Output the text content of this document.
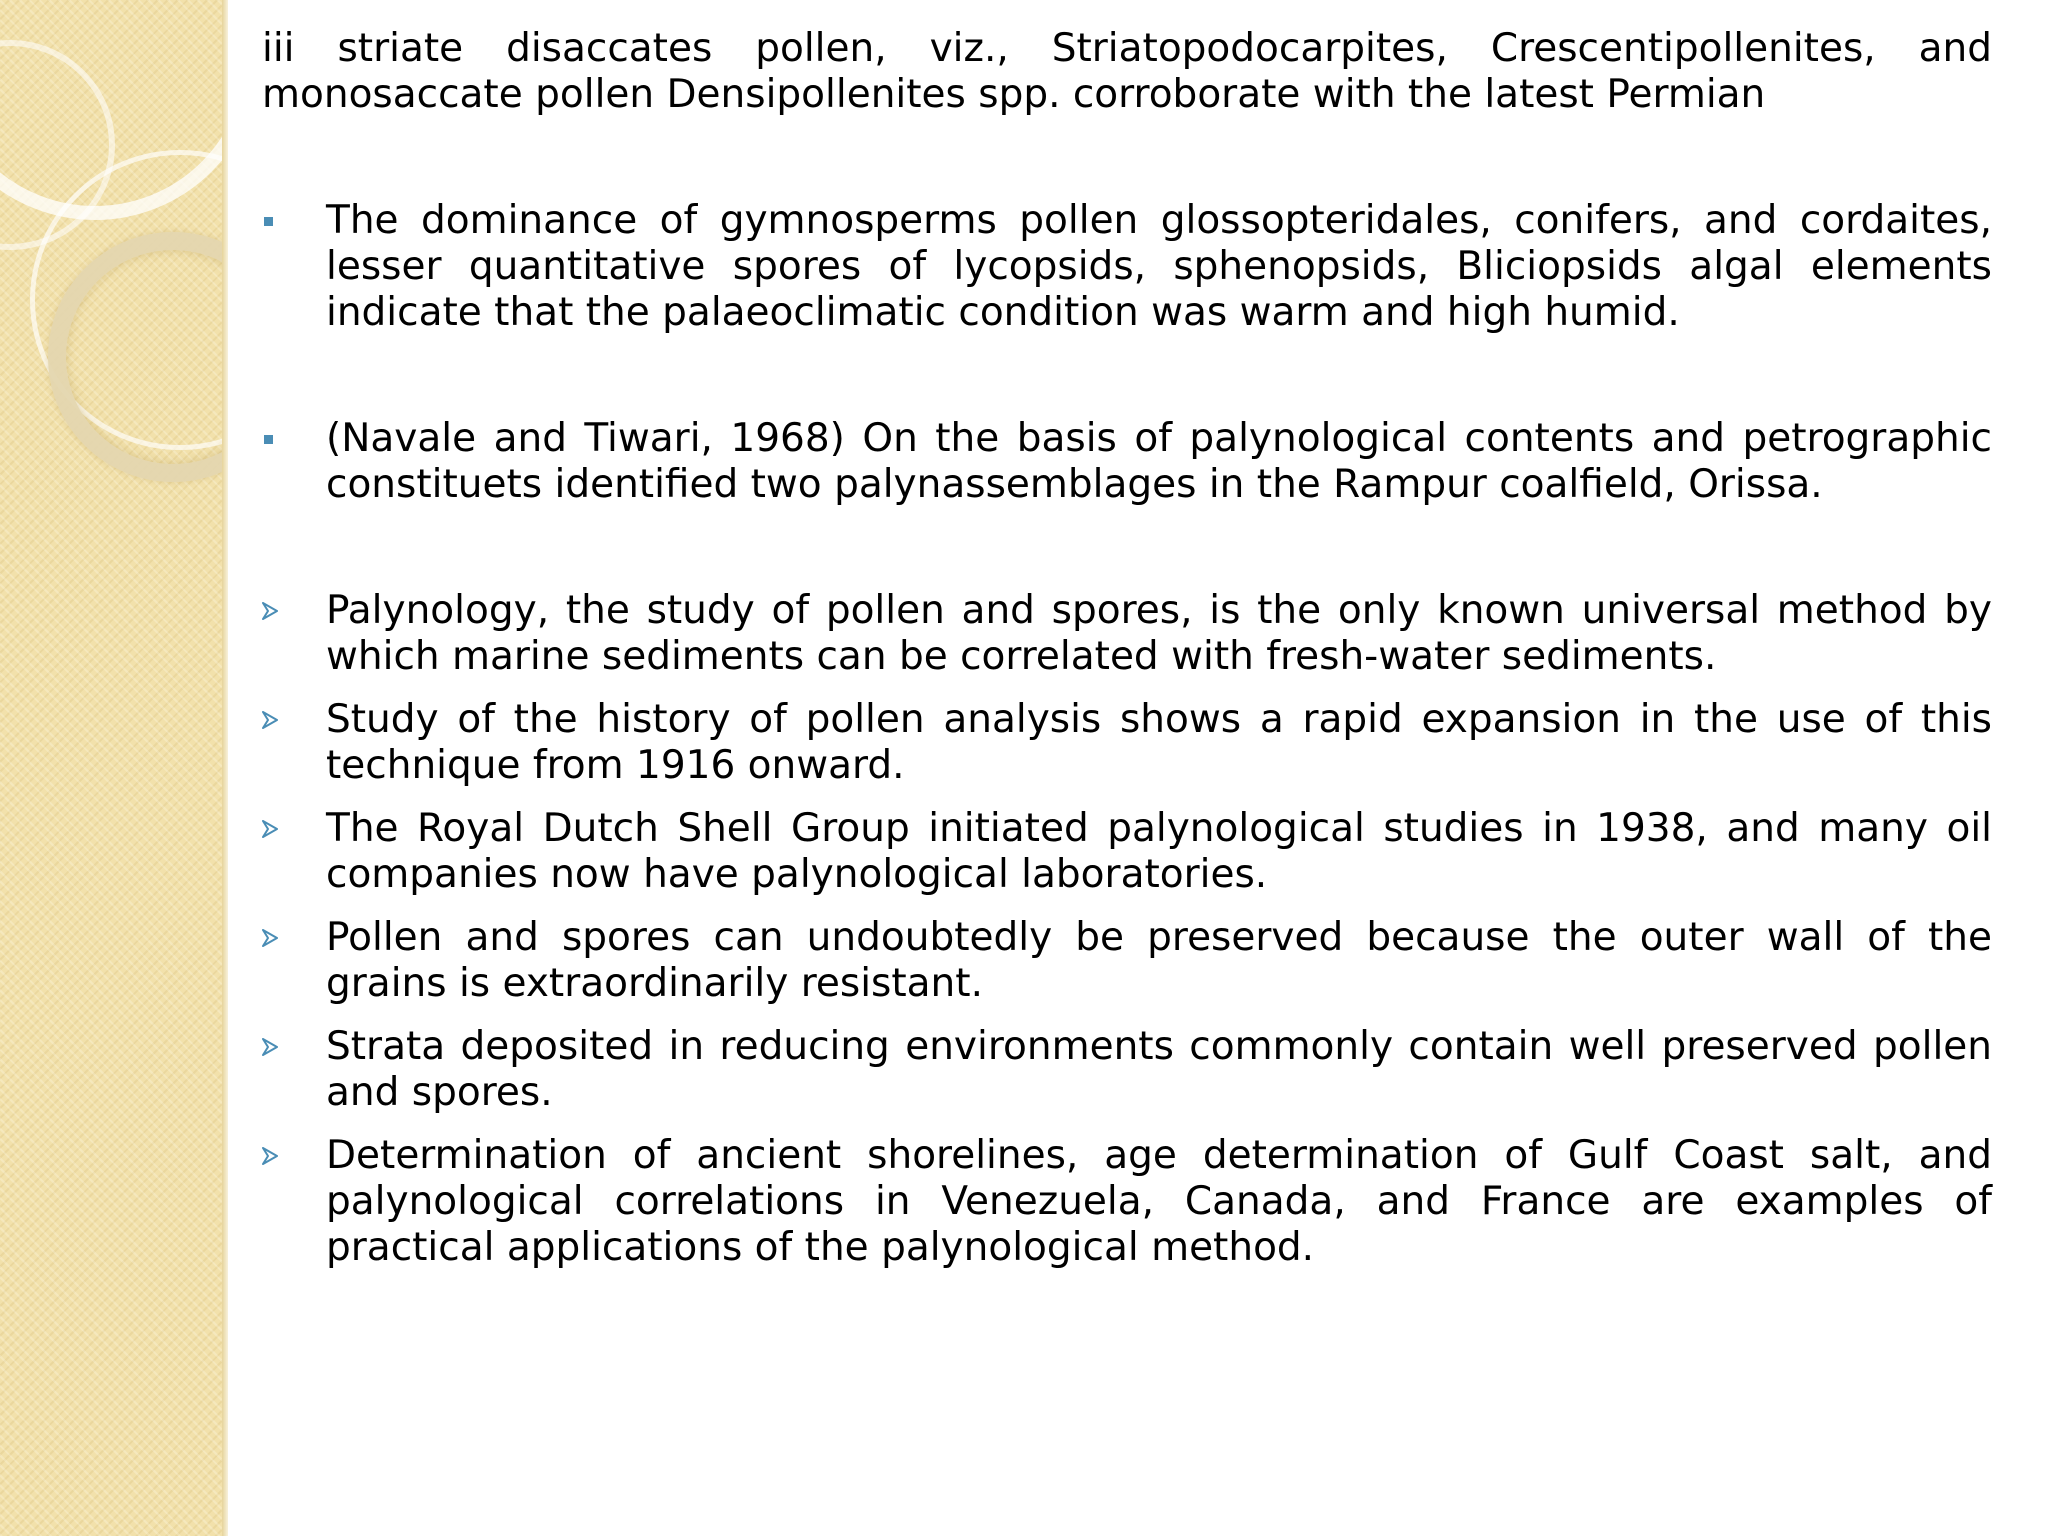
iii striate disaccates pollen, viz., Striatopodocarpites, Crescentipollenites, and monosaccate pollen Densipollenites spp. corroborate with the latest Permian

The dominance of gymnosperms pollen glossopteridales, conifers, and cordaites, lesser quantitative spores of lycopsids, sphenopsids, Bliciopsids algal elements indicate that the palaeoclimatic condition was warm and high humid.
(Navale and Tiwari, 1968) On the basis of palynological contents and petrographic constituets identified two palynassemblages in the Rampur coalfield, Orissa.
Palynology, the study of pollen and spores, is the only known universal method by which marine sediments can be correlated with fresh-water sediments.
Study of the history of pollen analysis shows a rapid expansion in the use of this technique from 1916 onward.
The Royal Dutch Shell Group initiated palynological studies in 1938, and many oil companies now have palynological laboratories.
Pollen and spores can undoubtedly be preserved because the outer wall of the grains is extraordinarily resistant.
Strata deposited in reducing environments commonly contain well preserved pollen and spores.
Determination of ancient shorelines, age determination of Gulf Coast salt, and palynological correlations in Venezuela, Canada, and France are examples of practical applications of the palynological method.
